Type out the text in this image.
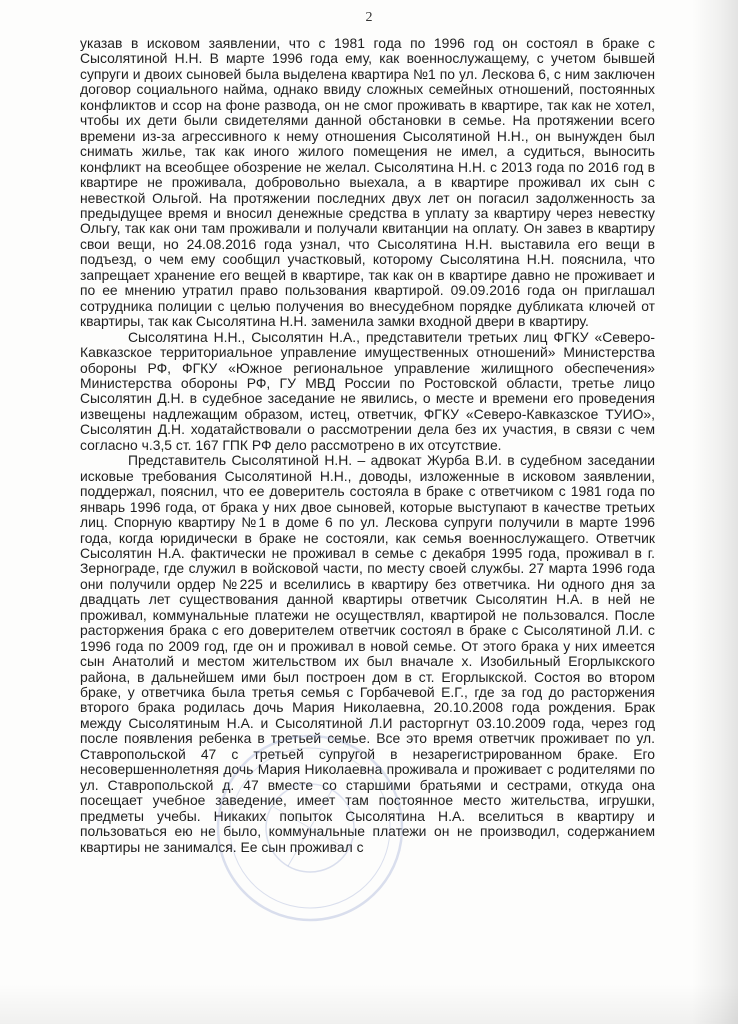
2

указав в исковом заявлении, что с 1981 года по 1996 год он состоял в браке с Сысолятиной Н.Н. В марте 1996 года ему, как военнослужащему, с учетом бывшей супруги и двоих сыновей была выделена квартира №1 по ул. Лескова 6, с ним заключен договор социального найма, однако ввиду сложных семейных отношений, постоянных конфликтов и ссор на фоне развода, он не смог проживать в квартире, так как не хотел, чтобы их дети были свидетелями данной обстановки в семье. На протяжении всего времени из-за агрессивного к нему отношения Сысолятиной Н.Н., он вынужден был снимать жилье, так как иного жилого помещения не имел, а судиться, выносить конфликт на всеобщее обозрение не желал. Сысолятина Н.Н. с 2013 года по 2016 год в квартире не проживала, добровольно выехала, а в квартире проживал их сын с невесткой Ольгой. На протяжении последних двух лет он погасил задолженность за предыдущее время и вносил денежные средства в уплату за квартиру через невестку Ольгу, так как они там проживали и получали квитанции на оплату. Он завез в квартиру свои вещи, но 24.08.2016 года узнал, что Сысолятина Н.Н. выставила его вещи в подъезд, о чем ему сообщил участковый, которому Сысолятина Н.Н. пояснила, что запрещает хранение его вещей в квартире, так как он в квартире давно не проживает и по ее мнению утратил право пользования квартирой. 09.09.2016 года он приглашал сотрудника полиции с целью получения во внесудебном порядке дубликата ключей от квартиры, так как Сысолятина Н.Н. заменила замки входной двери в квартиру.

Сысолятина Н.Н., Сысолятин Н.А., представители третьих лиц ФГКУ «Северо-Кавказское территориальное управление имущественных отношений» Министерства обороны РФ, ФГКУ «Южное региональное управление жилищного обеспечения» Министерства обороны РФ, ГУ МВД России по Ростовской области, третье лицо Сысолятин Д.Н. в судебное заседание не явились, о месте и времени его проведения извещены надлежащим образом, истец, ответчик, ФГКУ «Северо-Кавказское ТУИО», Сысолятин Д.Н. ходатайствовали о рассмотрении дела без их участия, в связи с чем согласно ч.3,5 ст. 167 ГПК РФ дело рассмотрено в их отсутствие.

Представитель Сысолятиной Н.Н. – адвокат Журба В.И. в судебном заседании исковые требования Сысолятиной Н.Н., доводы, изложенные в исковом заявлении, поддержал, пояснил, что ее доверитель состояла в браке с ответчиком с 1981 года по январь 1996 года, от брака у них двое сыновей, которые выступают в качестве третьих лиц. Спорную квартиру №1 в доме 6 по ул. Лескова супруги получили в марте 1996 года, когда юридически в браке не состояли, как семья военнослужащего. Ответчик Сысолятин Н.А. фактически не проживал в семье с декабря 1995 года, проживал в г. Зернограде, где служил в войсковой части, по месту своей службы. 27 марта 1996 года они получили ордер №225 и вселились в квартиру без ответчика. Ни одного дня за двадцать лет существования данной квартиры ответчик Сысолятин Н.А. в ней не проживал, коммунальные платежи не осуществлял, квартирой не пользовался. После расторжения брака с его доверителем ответчик состоял в браке с Сысолятиной Л.И. с 1996 года по 2009 год, где он и проживал в новой семье. От этого брака у них имеется сын Анатолий и местом жительством их был вначале х. Изобильный Егорлыкского района, в дальнейшем ими был построен дом в ст. Егорлыкской. Состоя во втором браке, у ответчика была третья семья с Горбачевой Е.Г., где за год до расторжения второго брака родилась дочь Мария Николаевна, 20.10.2008 года рождения. Брак между Сысолятиным Н.А. и Сысолятиной Л.И расторгнут 03.10.2009 года, через год после появления ребенка в третьей семье. Все это время ответчик проживает по ул. Ставропольской 47 с третьей супругой в незарегистрированном браке. Его несовершеннолетняя дочь Мария Николаевна проживала и проживает с родителями по ул. Ставропольской д. 47 вместе со старшими братьями и сестрами, откуда она посещает учебное заведение, имеет там постоянное место жительства, игрушки, предметы учебы. Никаких попыток Сысолятина Н.А. вселиться в квартиру и пользоваться ею не было, коммунальные платежи он не производил, содержанием квартиры не занимался. Ее сын проживал с
